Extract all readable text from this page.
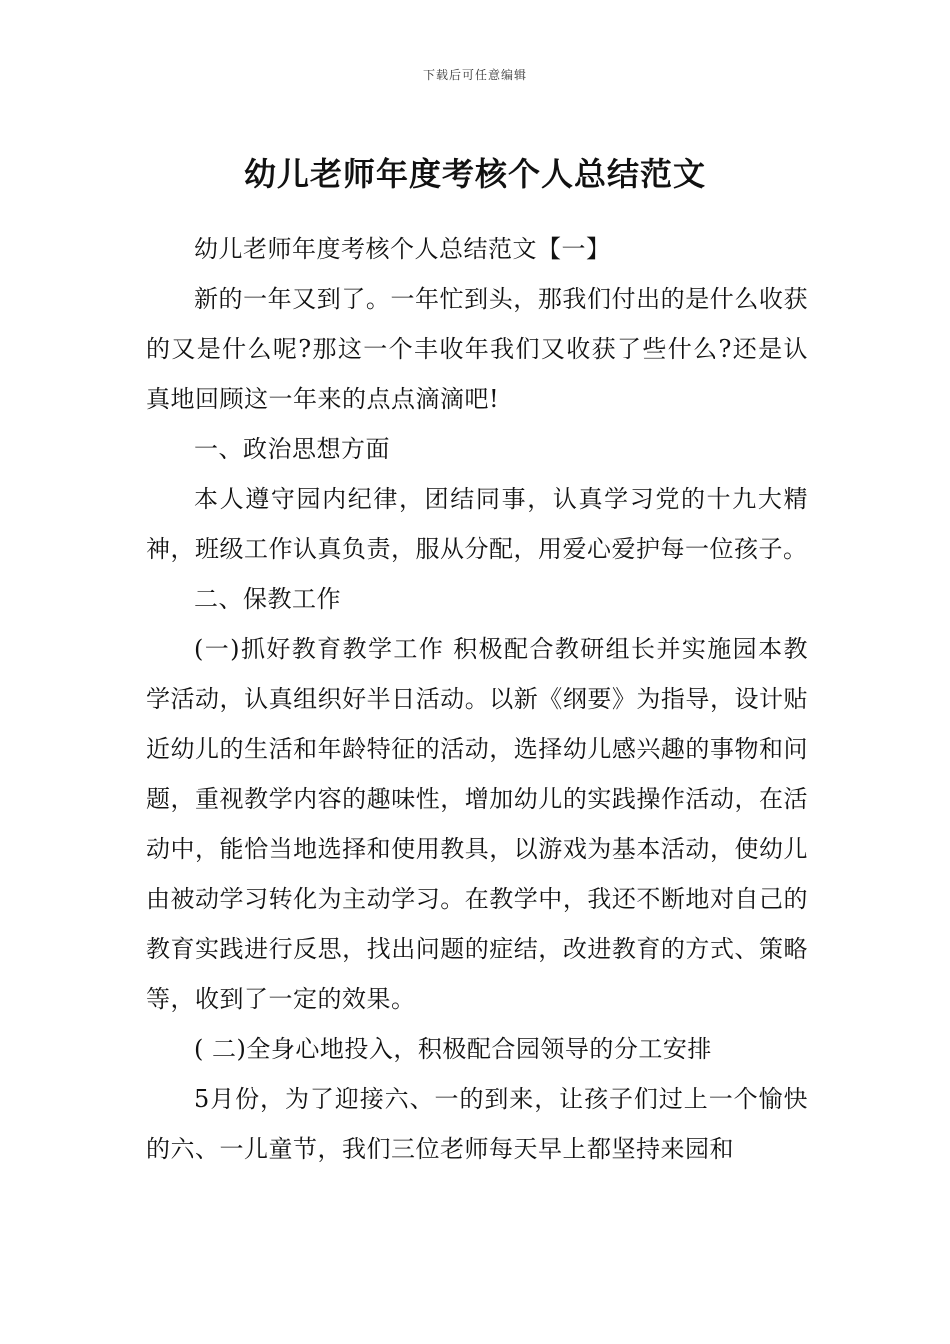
下载后可任意编辑
幼儿老师年度考核个人总结范文

幼儿老师年度考核个人总结范文【一】

新的一年又到了。一年忙到头，那我们付出的是什么收获的又是什么呢?那这一个丰收年我们又收获了些什么?还是认真地回顾这一年来的点点滴滴吧!

一、政治思想方面

本人遵守园内纪律，团结同事，认真学习党的十九大精神，班级工作认真负责，服从分配，用爱心爱护每一位孩子。

二、保教工作

(一)抓好教育教学工作 积极配合教研组长并实施园本教学活动，认真组织好半日活动。以新《纲要》为指导，设计贴近幼儿的生活和年龄特征的活动，选择幼儿感兴趣的事物和问题，重视教学内容的趣味性，增加幼儿的实践操作活动，在活动中，能恰当地选择和使用教具，以游戏为基本活动，使幼儿由被动学习转化为主动学习。在教学中，我还不断地对自己的教育实践进行反思，找出问题的症结，改进教育的方式、策略等，收到了一定的效果。

( 二)全身心地投入，积极配合园领导的分工安排

5月份，为了迎接六、一的到来，让孩子们过上一个愉快的六、一儿童节，我们三位老师每天早上都坚持来园和
